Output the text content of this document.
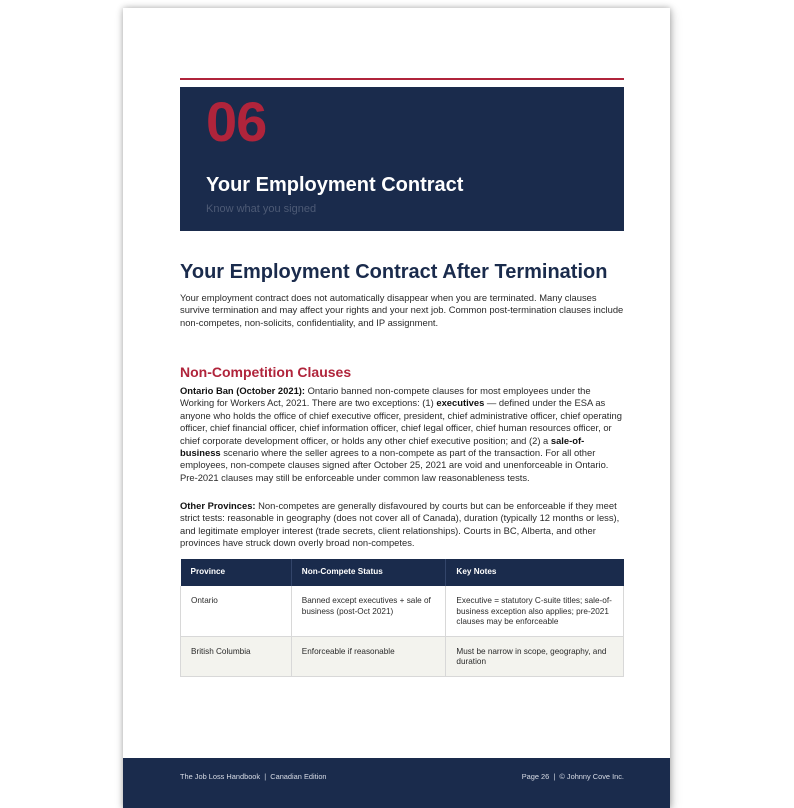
06
Your Employment Contract
Know what you signed
Your Employment Contract After Termination
Your employment contract does not automatically disappear when you are terminated. Many clauses survive termination and may affect your rights and your next job. Common post-termination clauses include non-competes, non-solicits, confidentiality, and IP assignment.
Non-Competition Clauses
Ontario Ban (October 2021): Ontario banned non-compete clauses for most employees under the Working for Workers Act, 2021. There are two exceptions: (1) executives — defined under the ESA as anyone who holds the office of chief executive officer, president, chief administrative officer, chief operating officer, chief financial officer, chief information officer, chief legal officer, chief human resources officer, or chief corporate development officer, or holds any other chief executive position; and (2) a sale-of-business scenario where the seller agrees to a non-compete as part of the transaction. For all other employees, non-compete clauses signed after October 25, 2021 are void and unenforceable in Ontario. Pre-2021 clauses may still be enforceable under common law reasonableness tests.
Other Provinces: Non-competes are generally disfavoured by courts but can be enforceable if they meet strict tests: reasonable in geography (does not cover all of Canada), duration (typically 12 months or less), and legitimate employer interest (trade secrets, client relationships). Courts in BC, Alberta, and other provinces have struck down overly broad non-competes.
Province	Non-Compete Status	Key Notes
Ontario	Banned except executives + sale of business (post-Oct 2021)	Executive = statutory C-suite titles; sale-of-business exception also applies; pre-2021 clauses may be enforceable
British Columbia	Enforceable if reasonable	Must be narrow in scope, geography, and duration
The Job Loss Handbook  |  Canadian Edition	Page 26  |  © Johnny Cove Inc.
